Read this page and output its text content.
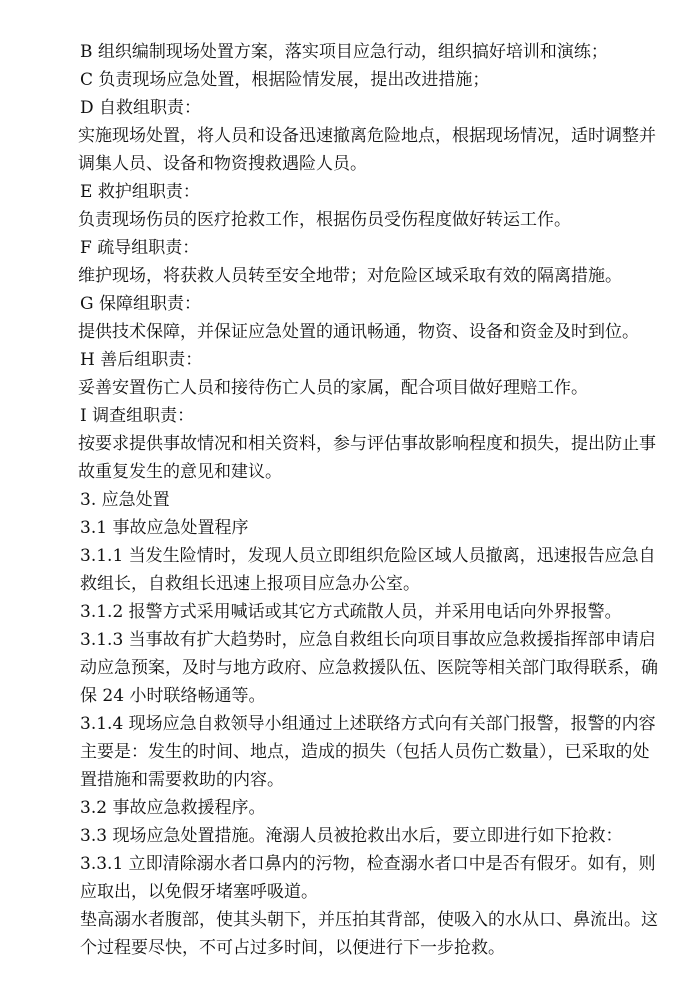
B 组织编制现场处置方案，落实项目应急行动，组织搞好培训和演练；

C 负责现场应急处置，根据险情发展，提出改进措施；

D 自救组职责：

实施现场处置，将人员和设备迅速撤离危险地点，根据现场情况，适时调整并调集人员、设备和物资搜救遇险人员。

E 救护组职责：

负责现场伤员的医疗抢救工作，根据伤员受伤程度做好转运工作。

F 疏导组职责：

维护现场，将获救人员转至安全地带；对危险区域采取有效的隔离措施。

G 保障组职责：

提供技术保障，并保证应急处置的通讯畅通，物资、设备和资金及时到位。

H 善后组职责：

妥善安置伤亡人员和接待伤亡人员的家属，配合项目做好理赔工作。

I 调查组职责：

按要求提供事故情况和相关资料，参与评估事故影响程度和损失，提出防止事故重复发生的意见和建议。

3. 应急处置

3.1 事故应急处置程序

3.1.1 当发生险情时，发现人员立即组织危险区域人员撤离，迅速报告应急自救组长，自救组长迅速上报项目应急办公室。

3.1.2 报警方式采用喊话或其它方式疏散人员，并采用电话向外界报警。

3.1.3 当事故有扩大趋势时，应急自救组长向项目事故应急救援指挥部申请启动应急预案，及时与地方政府、应急救援队伍、医院等相关部门取得联系，确保 24 小时联络畅通等。

3.1.4 现场应急自救领导小组通过上述联络方式向有关部门报警，报警的内容主要是：发生的时间、地点，造成的损失（包括人员伤亡数量），已采取的处置措施和需要救助的内容。

3.2 事故应急救援程序。

3.3 现场应急处置措施。淹溺人员被抢救出水后，要立即进行如下抢救：

3.3.1 立即清除溺水者口鼻内的污物，检查溺水者口中是否有假牙。如有，则应取出，以免假牙堵塞呼吸道。

垫高溺水者腹部，使其头朝下，并压拍其背部，使吸入的水从口、鼻流出。这个过程要尽快，不可占过多时间，以便进行下一步抢救。
